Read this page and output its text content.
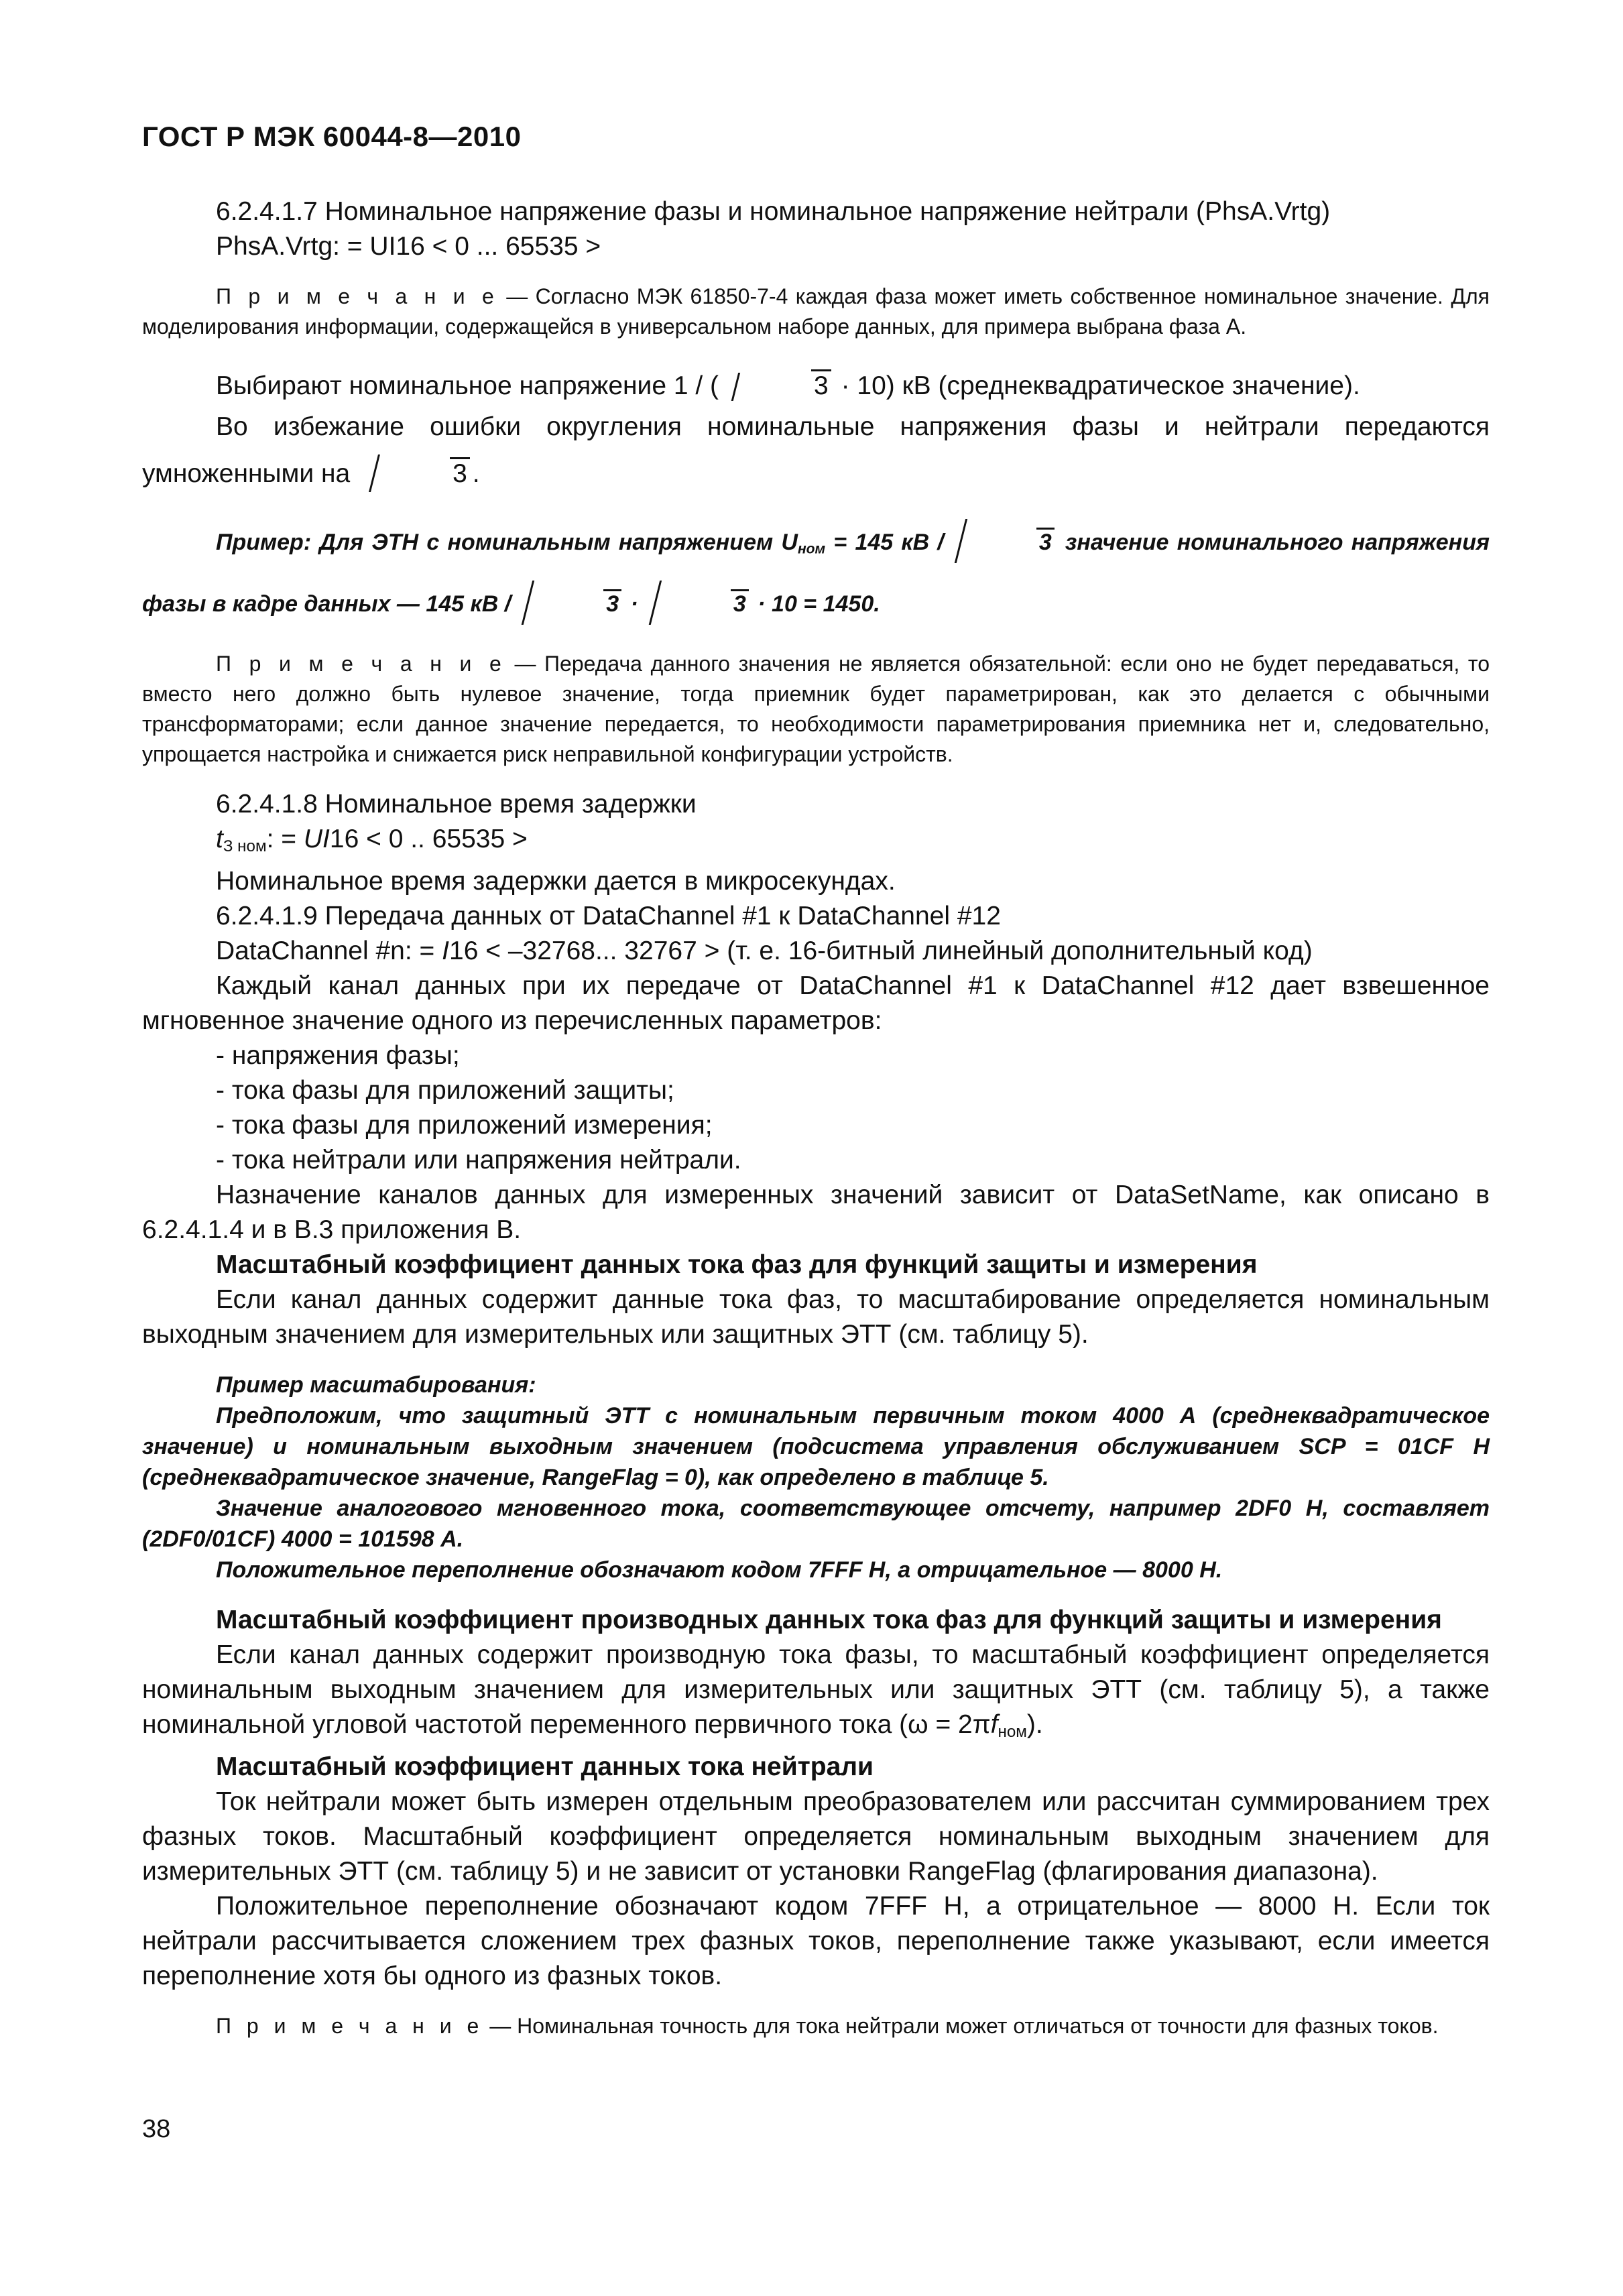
ГОСТ Р МЭК 60044-8—2010

6.2.4.1.7 Номинальное напряжение фазы и номинальное напряжение нейтрали (PhsA.Vrtg)

PhsA.Vrtg: = UI16 < 0 ... 65535 >

П р и м е ч а н и е — Согласно МЭК 61850-7-4 каждая фаза может иметь собственное номинальное значение. Для моделирования информации, содержащейся в универсальном наборе данных, для примера выбрана фаза А.

Выбирают номинальное напряжение 1 / (	3 · 10) кВ (среднеквадратическое значение).

Во избежание ошибки округления номинальные напряжения фазы и нейтрали передаются умноженными на	3 .

Пример: Для ЭТН с номинальным напряжением $U_{ном} = 145$ кВ /	3 значение номинального напряжения фазы в кадре данных — 145 кВ /	3 ·	3 · 10 = 1450.

П р и м е ч а н и е — Передача данного значения не является обязательной: если оно не будет передаваться, то вместо него должно быть нулевое значение, тогда приемник будет параметрирован, как это делается с обычными трансформаторами; если данное значение передается, то необходимости параметрирования приемника нет и, следовательно, упрощается настройка и снижается риск неправильной конфигурации устройств.

6.2.4.1.8 Номинальное время задержки

$t_{З ном}$: = UI16 < 0 .. 65535 >

Номинальное время задержки дается в микросекундах.

6.2.4.1.9 Передача данных от DataChannel #1 к DataChannel #12

DataChannel #n: = I16 < –32768... 32767 > (т. е. 16-битный линейный дополнительный код)

Каждый канал данных при их передаче от DataChannel #1 к DataChannel #12 дает взвешенное мгновенное значение одного из перечисленных параметров:

- напряжения фазы;

- тока фазы для приложений защиты;

- тока фазы для приложений измерения;

- тока нейтрали или напряжения нейтрали.

Назначение каналов данных для измеренных значений зависит от DataSetName, как описано в 6.2.4.1.4 и в В.3 приложения В.

Масштабный коэффициент данных тока фаз для функций защиты и измерения

Если канал данных содержит данные тока фаз, то масштабирование определяется номинальным выходным значением для измерительных или защитных ЭТТ (см. таблицу 5).

Пример масштабирования:

Предположим, что защитный ЭТТ с номинальным первичным током 4000 А (среднеквадратическое значение) и номинальным выходным значением (подсистема управления обслуживанием SCP = 01CF H (среднеквадратическое значение, RangeFlag = 0), как определено в таблице 5.

Значение аналогового мгновенного тока, соответствующее отсчету, например 2DF0 H, составляет (2DF0/01CF) 4000 = 101598 А.

Положительное переполнение обозначают кодом 7FFF H, а отрицательное — 8000 H.

Масштабный коэффициент производных данных тока фаз для функций защиты и измерения

Если канал данных содержит производную тока фазы, то масштабный коэффициент определяется номинальным выходным значением для измерительных или защитных ЭТТ (см. таблицу 5), а также номинальной угловой частотой переменного первичного тока $(\omega = 2\pi f_{ном})$.

Масштабный коэффициент данных тока нейтрали

Ток нейтрали может быть измерен отдельным преобразователем или рассчитан суммированием трех фазных токов. Масштабный коэффициент определяется номинальным выходным значением для измерительных ЭТТ (см. таблицу 5) и не зависит от установки RangeFlag (флагирования диапазона).

Положительное переполнение обозначают кодом 7FFF H, а отрицательное — 8000 H. Если ток нейтрали рассчитывается сложением трех фазных токов, переполнение также указывают, если имеется переполнение хотя бы одного из фазных токов.

П р и м е ч а н и е — Номинальная точность для тока нейтрали может отличаться от точности для фазных токов.

38
